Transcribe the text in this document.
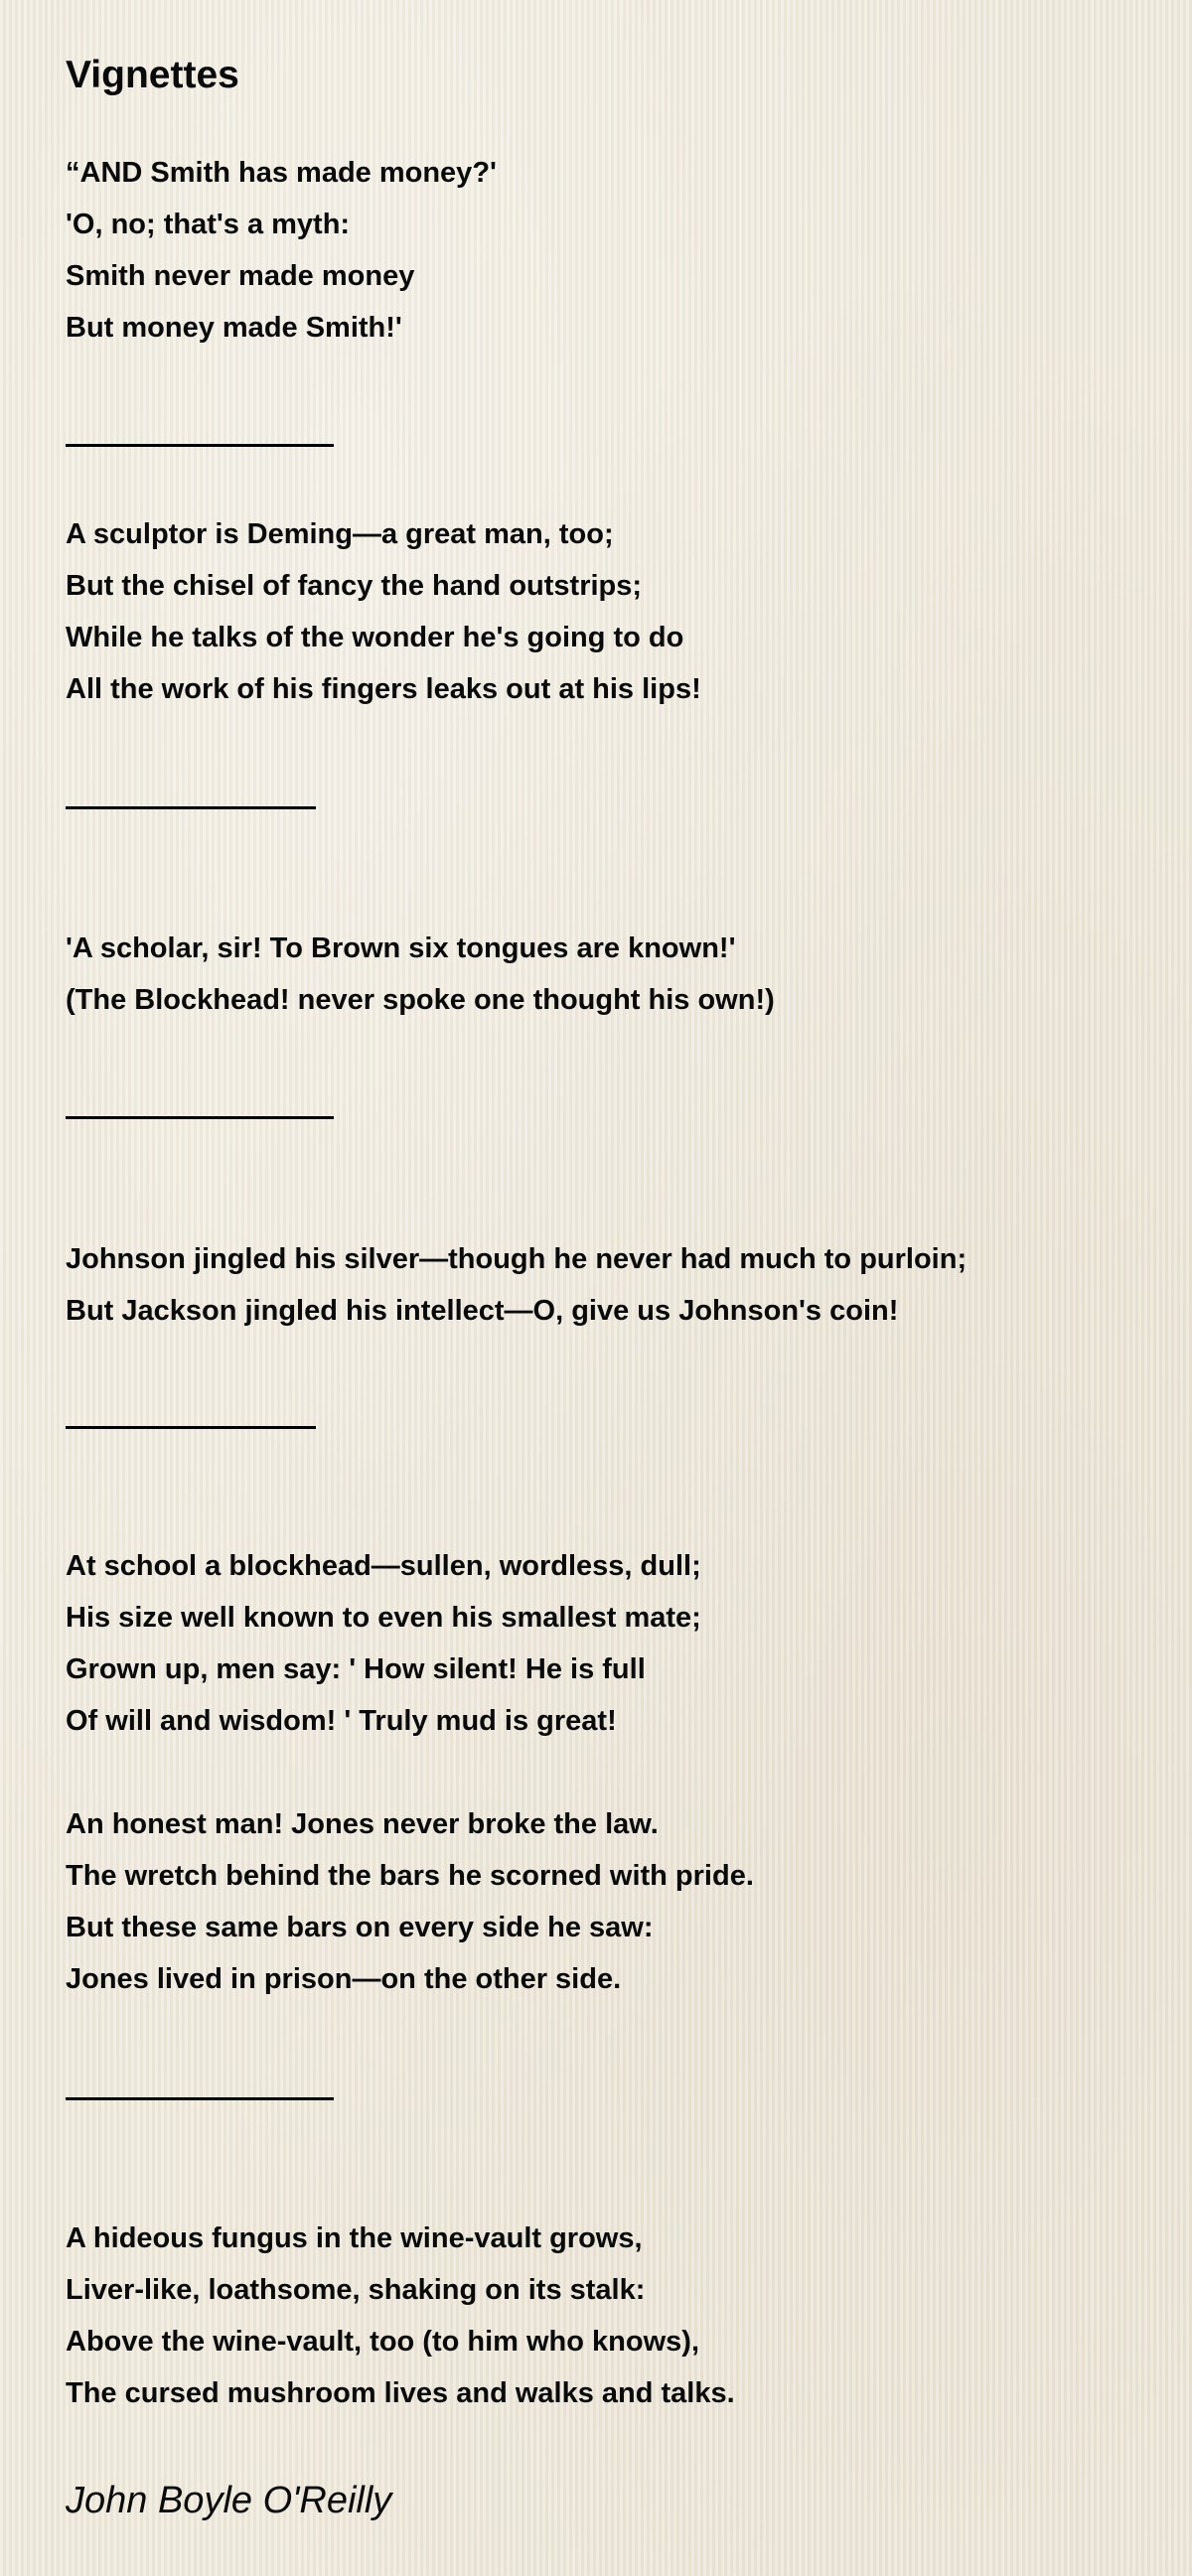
Vignettes
“AND Smith has made money?'
'O, no; that's a myth:
Smith never made money
But money made Smith!'
A sculptor is Deming—a great man, too;
But the chisel of fancy the hand outstrips;
While he talks of the wonder he's going to do
All the work of his fingers leaks out at his lips!
'A scholar, sir! To Brown six tongues are known!'
(The Blockhead! never spoke one thought his own!)
Johnson jingled his silver—though he never had much to purloin;
But Jackson jingled his intellect—O, give us Johnson's coin!
At school a blockhead—sullen, wordless, dull;
His size well known to even his smallest mate;
Grown up, men say: ' How silent! He is full
Of will and wisdom! ' Truly mud is great!
An honest man! Jones never broke the law.
The wretch behind the bars he scorned with pride.
But these same bars on every side he saw:
Jones lived in prison—on the other side.
A hideous fungus in the wine-vault grows,
Liver-like, loathsome, shaking on its stalk:
Above the wine-vault, too (to him who knows),
The cursed mushroom lives and walks and talks.
John Boyle O'Reilly
